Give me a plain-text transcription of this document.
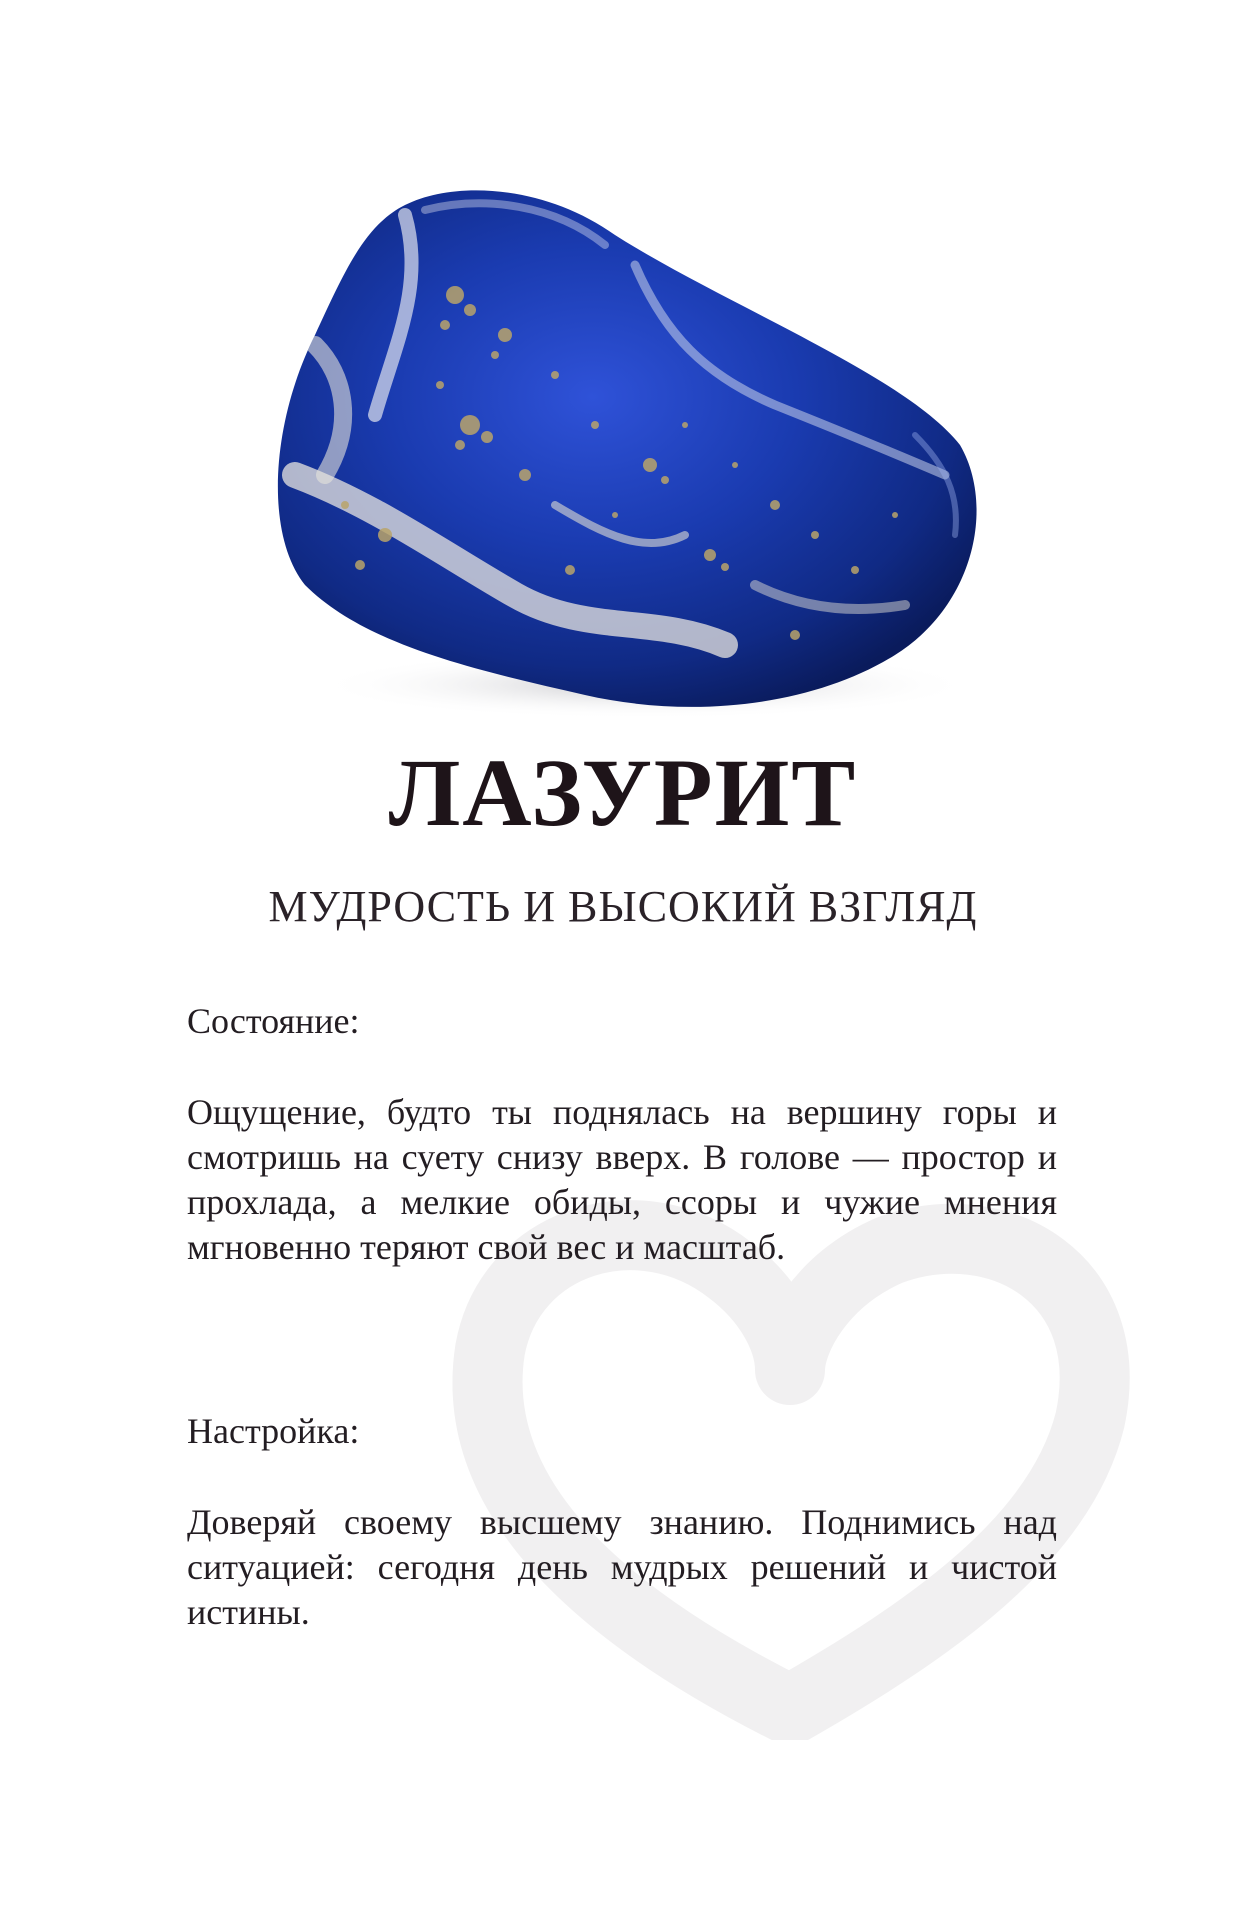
ЛАЗУРИТ
МУДРОСТЬ И ВЫСОКИЙ ВЗГЛЯД
Состояние:
Ощущение, будто ты поднялась на вершину горы и смотришь на суету снизу вверх. В голове — простор и прохлада, а мелкие обиды, ссоры и чужие мнения мгновенно теряют свой вес и масштаб.
Настройка:
Доверяй своему высшему знанию. Поднимись над ситуацией: сегодня день мудрых решений и чистой истины.
